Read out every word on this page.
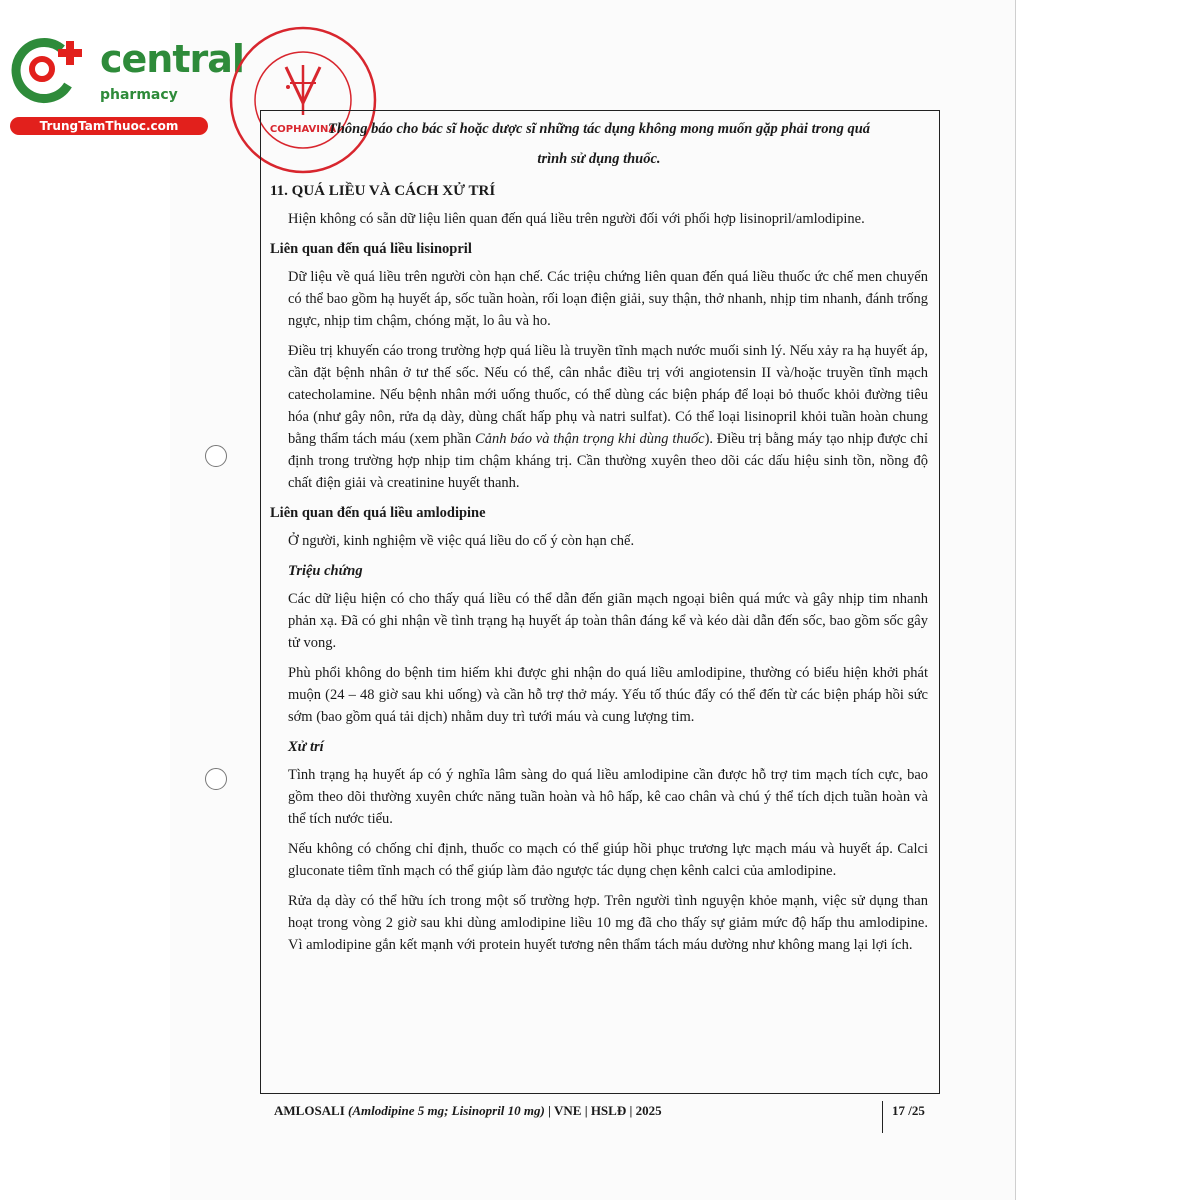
central
pharmacy
TrungTamThuoc.com	COPHAVINA
Thông báo cho bác sĩ hoặc dược sĩ những tác dụng không mong muốn gặp phải trong quá
trình sử dụng thuốc.
11. QUÁ LIỀU VÀ CÁCH XỬ TRÍ

Hiện không có sẵn dữ liệu liên quan đến quá liều trên người đối với phối hợp lisinopril/amlodipine.

Liên quan đến quá liều lisinopril

Dữ liệu về quá liều trên người còn hạn chế. Các triệu chứng liên quan đến quá liều thuốc ức chế men chuyển có thể bao gồm hạ huyết áp, sốc tuần hoàn, rối loạn điện giải, suy thận, thở nhanh, nhịp tim nhanh, đánh trống ngực, nhịp tim chậm, chóng mặt, lo âu và ho.

Điều trị khuyến cáo trong trường hợp quá liều là truyền tĩnh mạch nước muối sinh lý. Nếu xảy ra hạ huyết áp, cần đặt bệnh nhân ở tư thế sốc. Nếu có thể, cân nhắc điều trị với angiotensin II và/hoặc truyền tĩnh mạch catecholamine. Nếu bệnh nhân mới uống thuốc, có thể dùng các biện pháp để loại bỏ thuốc khỏi đường tiêu hóa (như gây nôn, rửa dạ dày, dùng chất hấp phụ và natri sulfat). Có thể loại lisinopril khỏi tuần hoàn chung bằng thẩm tách máu (xem phần Cảnh báo và thận trọng khi dùng thuốc). Điều trị bằng máy tạo nhịp được chỉ định trong trường hợp nhịp tim chậm kháng trị. Cần thường xuyên theo dõi các dấu hiệu sinh tồn, nồng độ chất điện giải và creatinine huyết thanh.

Liên quan đến quá liều amlodipine

Ở người, kinh nghiệm về việc quá liều do cố ý còn hạn chế.

Triệu chứng

Các dữ liệu hiện có cho thấy quá liều có thể dẫn đến giãn mạch ngoại biên quá mức và gây nhịp tim nhanh phản xạ. Đã có ghi nhận về tình trạng hạ huyết áp toàn thân đáng kể và kéo dài dẫn đến sốc, bao gồm sốc gây tử vong.

Phù phổi không do bệnh tim hiếm khi được ghi nhận do quá liều amlodipine, thường có biểu hiện khởi phát muộn (24 – 48 giờ sau khi uống) và cần hỗ trợ thở máy. Yếu tố thúc đẩy có thể đến từ các biện pháp hồi sức sớm (bao gồm quá tải dịch) nhằm duy trì tưới máu và cung lượng tim.

Xử trí

Tình trạng hạ huyết áp có ý nghĩa lâm sàng do quá liều amlodipine cần được hỗ trợ tim mạch tích cực, bao gồm theo dõi thường xuyên chức năng tuần hoàn và hô hấp, kê cao chân và chú ý thể tích dịch tuần hoàn và thể tích nước tiểu.

Nếu không có chống chỉ định, thuốc co mạch có thể giúp hồi phục trương lực mạch máu và huyết áp. Calci gluconate tiêm tĩnh mạch có thể giúp làm đảo ngược tác dụng chẹn kênh calci của amlodipine.

Rửa dạ dày có thể hữu ích trong một số trường hợp. Trên người tình nguyện khỏe mạnh, việc sử dụng than hoạt trong vòng 2 giờ sau khi dùng amlodipine liều 10 mg đã cho thấy sự giảm mức độ hấp thu amlodipine. Vì amlodipine gắn kết mạnh với protein huyết tương nên thẩm tách máu dường như không mang lại lợi ích.

AMLOSALI (Amlodipine 5 mg; Lisinopril 10 mg) | VNE | HSLĐ | 2025	17 /25
